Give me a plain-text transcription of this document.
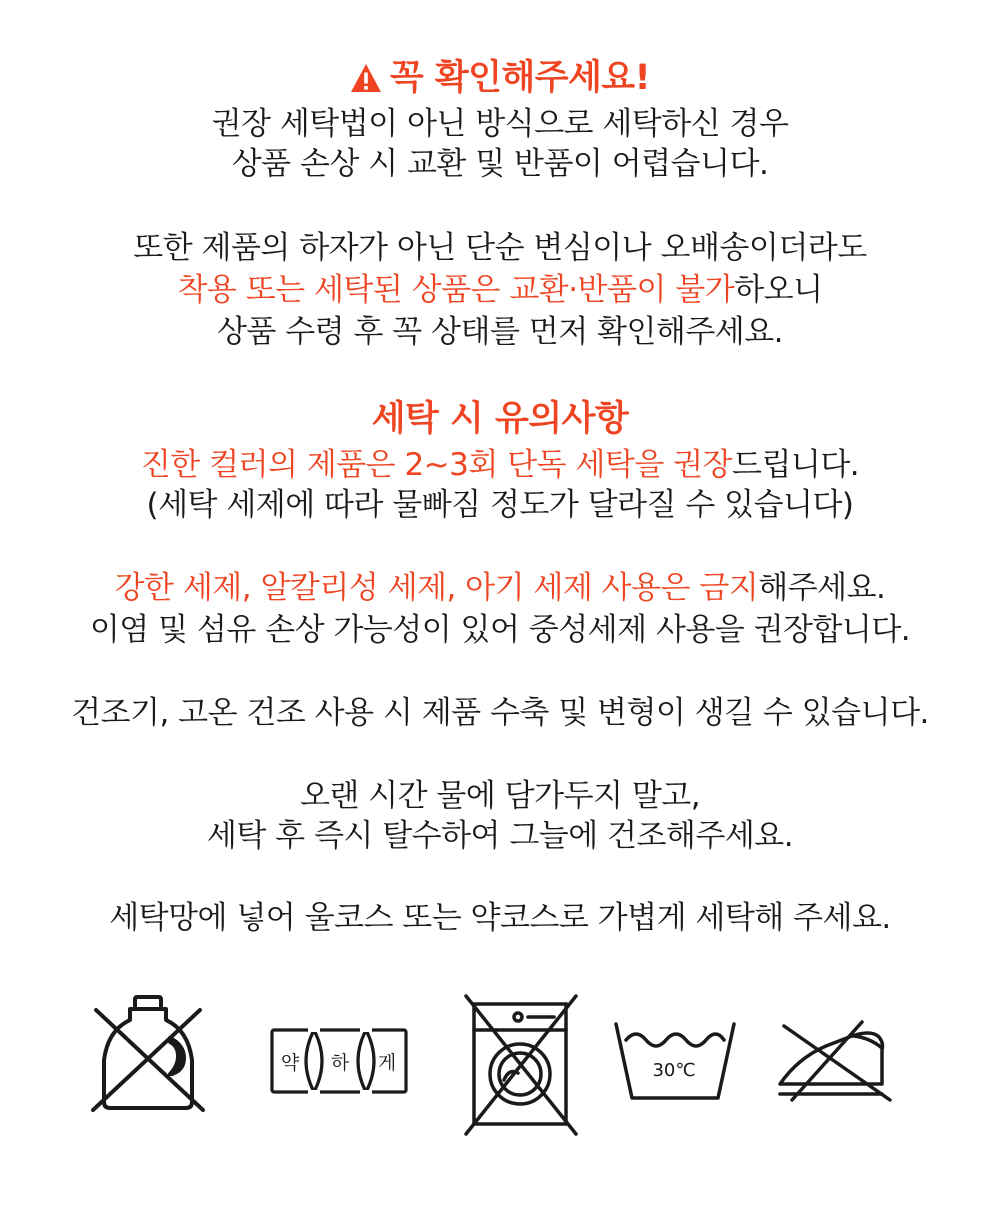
꼭 확인해주세요!
권장 세탁법이 아닌 방식으로 세탁하신 경우
상품 손상 시 교환 및 반품이 어렵습니다.
또한 제품의 하자가 아닌 단순 변심이나 오배송이더라도
착용 또는 세탁된 상품은 교환·반품이 불가하오니
상품 수령 후 꼭 상태를 먼저 확인해주세요.
세탁 시 유의사항
진한 컬러의 제품은 2~3회 단독 세탁을 권장드립니다.
(세탁 세제에 따라 물빠짐 정도가 달라질 수 있습니다)
강한 세제, 알칼리성 세제, 아기 세제 사용은 금지해주세요.
이염 및 섬유 손상 가능성이 있어 중성세제 사용을 권장합니다.
건조기, 고온 건조 사용 시 제품 수축 및 변형이 생길 수 있습니다.
오랜 시간 물에 담가두지 말고,
세탁 후 즉시 탈수하여 그늘에 건조해주세요.
세탁망에 넣어 울코스 또는 약코스로 가볍게 세탁해 주세요.
약 하 게	30℃
